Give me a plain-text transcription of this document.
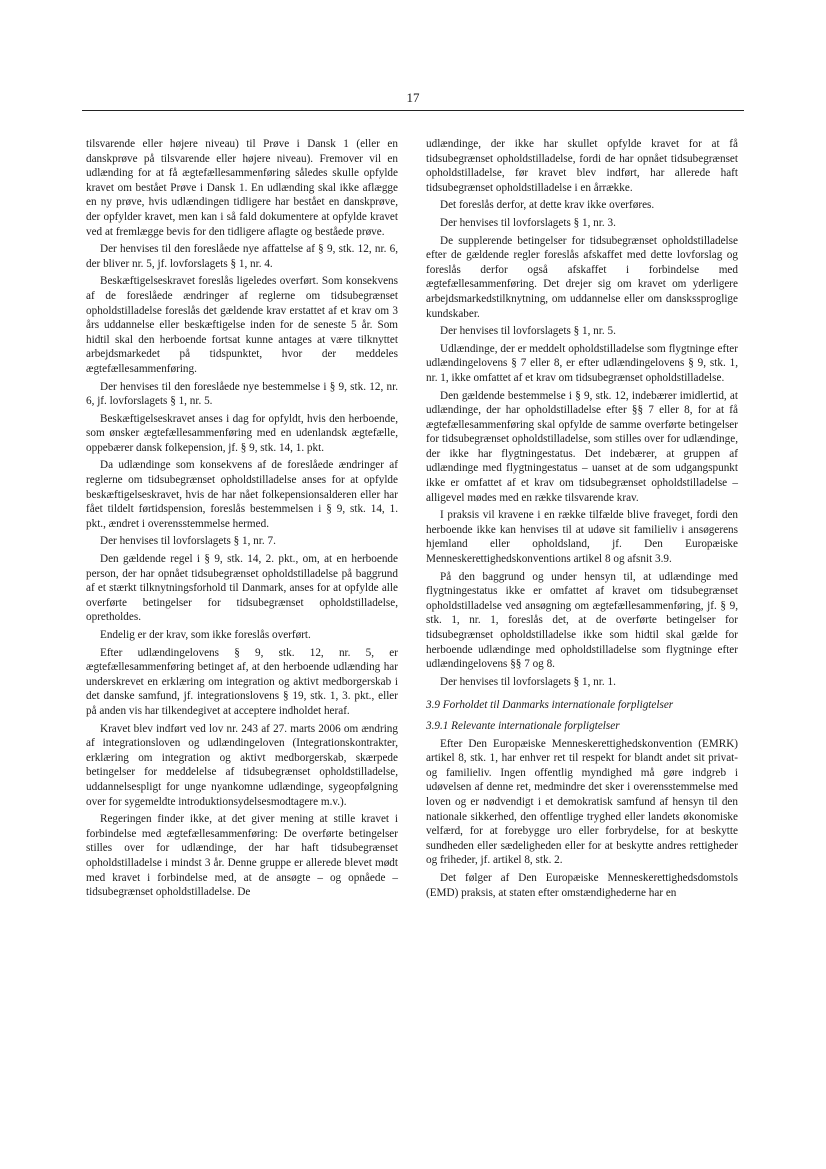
17

tilsvarende eller højere niveau) til Prøve i Dansk 1 (eller en danskprøve på tilsvarende eller højere niveau). Fremover vil en udlænding for at få ægtefællesammenføring således skulle opfylde kravet om bestået Prøve i Dansk 1. En udlænding skal ikke aflægge en ny prøve, hvis udlændingen tidligere har bestået en danskprøve, der opfylder kravet, men kan i så fald dokumentere at opfylde kravet ved at fremlægge bevis for den tidligere aflagte og beståede prøve.

Der henvises til den foreslåede nye affattelse af § 9, stk. 12, nr. 6, der bliver nr. 5, jf. lovforslagets § 1, nr. 4.

Beskæftigelseskravet foreslås ligeledes overført. Som konsekvens af de foreslåede ændringer af reglerne om tidsubegrænset opholdstilladelse foreslås det gældende krav erstattet af et krav om 3 års uddannelse eller beskæftigelse inden for de seneste 5 år. Som hidtil skal den herboende fortsat kunne antages at være tilknyttet arbejdsmarkedet på tidspunktet, hvor der meddeles ægtefællesammenføring.

Der henvises til den foreslåede nye bestemmelse i § 9, stk. 12, nr. 6, jf. lovforslagets § 1, nr. 5.

Beskæftigelseskravet anses i dag for opfyldt, hvis den herboende, som ønsker ægtefællesammenføring med en udenlandsk ægtefælle, oppebærer dansk folkepension, jf. § 9, stk. 14, 1. pkt.

Da udlændinge som konsekvens af de foreslåede ændringer af reglerne om tidsubegrænset opholdstilladelse anses for at opfylde beskæftigelseskravet, hvis de har nået folkepensionsalderen eller har fået tildelt førtidspension, foreslås bestemmelsen i § 9, stk. 14, 1. pkt., ændret i overensstemmelse hermed.

Der henvises til lovforslagets § 1, nr. 7.

Den gældende regel i § 9, stk. 14, 2. pkt., om, at en herboende person, der har opnået tidsubegrænset opholdstilladelse på baggrund af et stærkt tilknytningsforhold til Danmark, anses for at opfylde alle overførte betingelser for tidsubegrænset opholdstilladelse, opretholdes.

Endelig er der krav, som ikke foreslås overført.

Efter udlændingelovens § 9, stk. 12, nr. 5, er ægtefællesammenføring betinget af, at den herboende udlænding har underskrevet en erklæring om integration og aktivt medborgerskab i det danske samfund, jf. integrationslovens § 19, stk. 1, 3. pkt., eller på anden vis har tilkendegivet at acceptere indholdet heraf.

Kravet blev indført ved lov nr. 243 af 27. marts 2006 om ændring af integrationsloven og udlændingeloven (Integrationskontrakter, erklæring om integration og aktivt medborgerskab, skærpede betingelser for meddelelse af tidsubegrænset opholdstilladelse, uddannelsespligt for unge nyankomne udlændinge, sygeopfølgning over for sygemeldte introduktionsydelsesmodtagere m.v.).

Regeringen finder ikke, at det giver mening at stille kravet i forbindelse med ægtefællesammenføring: De overførte betingelser stilles over for udlændinge, der har haft tidsubegrænset opholdstilladelse i mindst 3 år. Denne gruppe er allerede blevet mødt med kravet i forbindelse med, at de ansøgte – og opnåede – tidsubegrænset opholdstilladelse. De

udlændinge, der ikke har skullet opfylde kravet for at få tidsubegrænset opholdstilladelse, fordi de har opnået tidsubegrænset opholdstilladelse, før kravet blev indført, har allerede haft tidsubegrænset opholdstilladelse i en årrække.

Det foreslås derfor, at dette krav ikke overføres.

Der henvises til lovforslagets § 1, nr. 3.

De supplerende betingelser for tidsubegrænset opholdstilladelse efter de gældende regler foreslås afskaffet med dette lovforslag og foreslås derfor også afskaffet i forbindelse med ægtefællesammenføring. Det drejer sig om kravet om yderligere arbejdsmarkedstilknytning, om uddannelse eller om danskssproglige kundskaber.

Der henvises til lovforslagets § 1, nr. 5.

Udlændinge, der er meddelt opholdstilladelse som flygtninge efter udlændingelovens § 7 eller 8, er efter udlændingelovens § 9, stk. 1, nr. 1, ikke omfattet af et krav om tidsubegrænset opholdstilladelse.

Den gældende bestemmelse i § 9, stk. 12, indebærer imidlertid, at udlændinge, der har opholdstilladelse efter §§ 7 eller 8, for at få ægtefællesammenføring skal opfylde de samme overførte betingelser for tidsubegrænset opholdstilladelse, som stilles over for udlændinge, der ikke har flygtningestatus. Det indebærer, at gruppen af udlændinge med flygtningestatus – uanset at de som udgangspunkt ikke er omfattet af et krav om tidsubegrænset opholdstilladelse – alligevel mødes med en række tilsvarende krav.

I praksis vil kravene i en række tilfælde blive fraveget, fordi den herboende ikke kan henvises til at udøve sit familieliv i ansøgerens hjemland eller opholdsland, jf. Den Europæiske Menneskerettighedskonventions artikel 8 og afsnit 3.9.

På den baggrund og under hensyn til, at udlændinge med flygtningestatus ikke er omfattet af kravet om tidsubegrænset opholdstilladelse ved ansøgning om ægtefællesammenføring, jf. § 9, stk. 1, nr. 1, foreslås det, at de overførte betingelser for tidsubegrænset opholdstilladelse ikke som hidtil skal gælde for herboende udlændinge med opholdstilladelse som flygtninge efter udlændingelovens §§ 7 og 8.

Der henvises til lovforslagets § 1, nr. 1.

3.9 Forholdet til Danmarks internationale forpligtelser
3.9.1 Relevante internationale forpligtelser

Efter Den Europæiske Menneskerettighedskonvention (EMRK) artikel 8, stk. 1, har enhver ret til respekt for blandt andet sit privat- og familieliv. Ingen offentlig myndighed må gøre indgreb i udøvelsen af denne ret, medmindre det sker i overensstemmelse med loven og er nødvendigt i et demokratisk samfund af hensyn til den nationale sikkerhed, den offentlige tryghed eller landets økonomiske velfærd, for at forebygge uro eller forbrydelse, for at beskytte sundheden eller sædeligheden eller for at beskytte andres rettigheder og friheder, jf. artikel 8, stk. 2.

Det følger af Den Europæiske Menneskerettighedsdomstols (EMD) praksis, at staten efter omstændighederne har en
